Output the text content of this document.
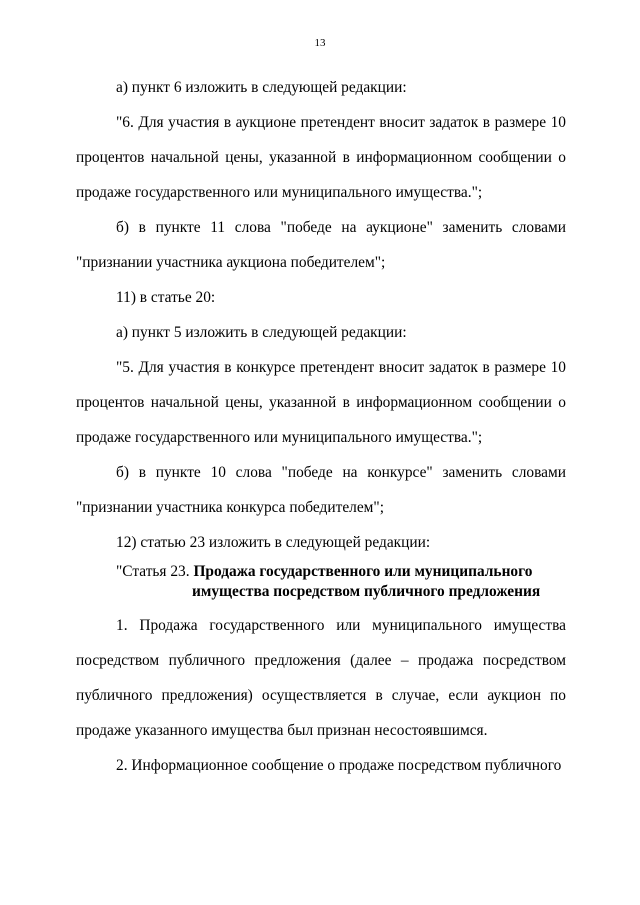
13
а) пункт 6 изложить в следующей редакции:
"6. Для участия в аукционе претендент вносит задаток в размере 10
процентов начальной цены, указанной в информационном сообщении о
продаже государственного или муниципального имущества.";
б) в пункте 11 слова "победе на аукционе" заменить словами
"признании участника аукциона победителем";
11) в статье 20:
а) пункт 5 изложить в следующей редакции:
"5. Для участия в конкурсе претендент вносит задаток в размере 10
процентов начальной цены, указанной в информационном сообщении о
продаже государственного или муниципального имущества.";
б) в пункте 10 слова "победе на конкурсе" заменить словами
"признании участника конкурса победителем";
12) статью 23 изложить в следующей редакции:
"Статья 23. Продажа государственного или муниципального
имущества посредством публичного предложения
1. Продажа государственного или муниципального имущества
посредством публичного предложения (далее – продажа посредством
публичного предложения) осуществляется в случае, если аукцион по
продаже указанного имущества был признан несостоявшимся.
2. Информационное сообщение о продаже посредством публичного
